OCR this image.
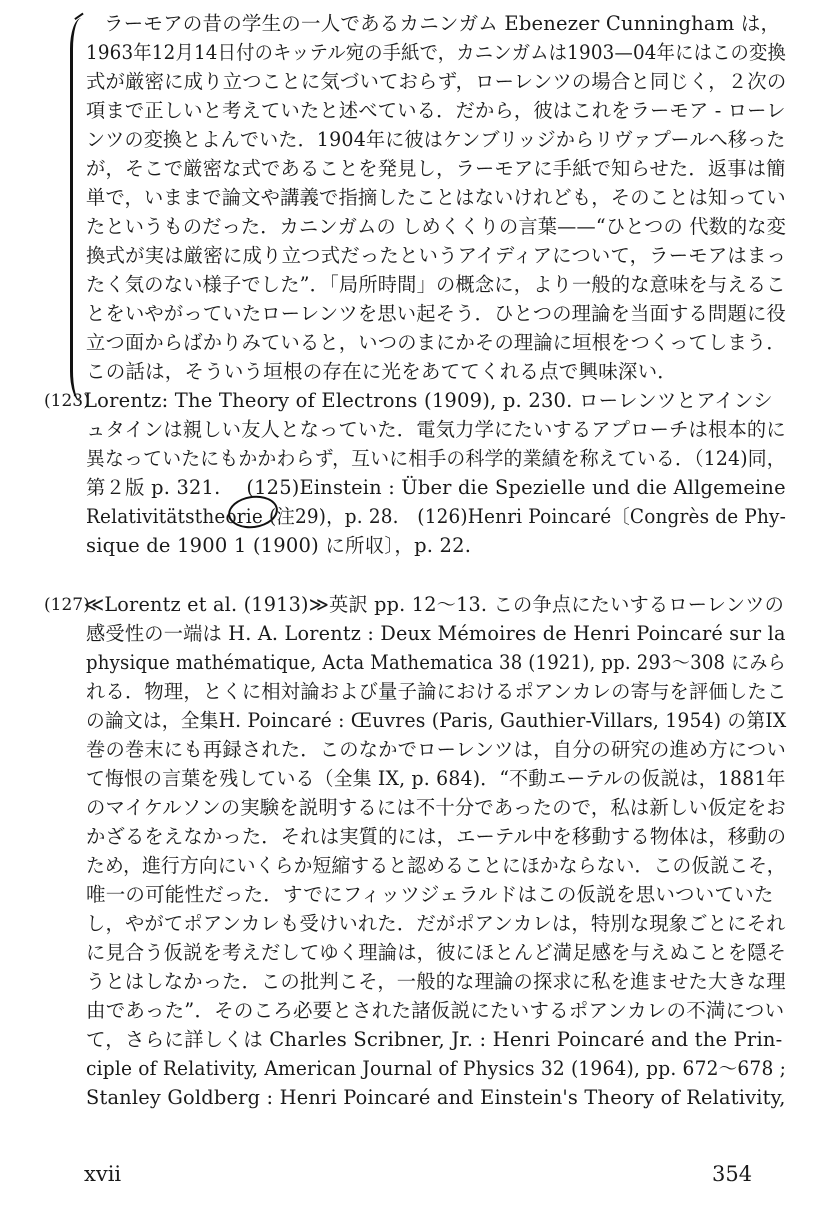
ラーモアの昔の学生の一人であるカニンガム Ebenezer Cunningham は，
1963年12月14日付のキッテル宛の手紙で，カニンガムは1903—04年にはこの変換
式が厳密に成り立つことに気づいておらず，ローレンツの場合と同じく，２次の
項まで正しいと考えていたと述べている．だから，彼はこれをラーモア - ローレ
ンツの変換とよんでいた．1904年に彼はケンブリッジからリヴァプールへ移った
が，そこで厳密な式であることを発見し，ラーモアに手紙で知らせた．返事は簡
単で，いままで論文や講義で指摘したことはないけれども，そのことは知ってい
たというものだった．カニンガムの しめくくりの言葉——“ひとつの 代数的な変
換式が実は厳密に成り立つ式だったというアイディアについて，ラーモアはまっ
たく気のない様子でした”．「局所時間」の概念に，より一般的な意味を与えるこ
とをいやがっていたローレンツを思い起そう．ひとつの理論を当面する問題に役
立つ面からばかりみていると，いつのまにかその理論に垣根をつくってしまう．
この話は，そういう垣根の存在に光をあててくれる点で興味深い．
(123)
Lorentz: The Theory of Electrons (1909), p. 230. ローレンツとアインシ
ュタインは親しい友人となっていた．電気力学にたいするアプローチは根本的に
異なっていたにもかかわらず，互いに相手の科学的業績を称えている．（124)同，
第２版 p. 321.　 (125)Einstein : Über die Spezielle und die Allgemeine
Relativitätstheorie (注29)，p. 28.　(126)Henri Poincaré〔Congrès de Phy-
sique de 1900 1 (1900) に所収〕，p. 22.
(127)
≪Lorentz et al. (1913)≫英訳 pp. 12〜13. この争点にたいするローレンツの
感受性の一端は H. A. Lorentz : Deux Mémoires de Henri Poincaré sur la
physique mathématique, Acta Mathematica 38 (1921), pp. 293〜308 にみら
れる．物理，とくに相対論および量子論におけるポアンカレの寄与を評価したこ
の論文は，全集H. Poincaré : Œuvres (Paris, Gauthier-Villars, 1954) の第IX
巻の巻末にも再録された．このなかでローレンツは，自分の研究の進め方につい
て悔恨の言葉を残している（全集 IX, p. 684)．“不動エーテルの仮説は，1881年
のマイケルソンの実験を説明するには不十分であったので，私は新しい仮定をお
かざるをえなかった．それは実質的には，エーテル中を移動する物体は，移動の
ため，進行方向にいくらか短縮すると認めることにほかならない．この仮説こそ，
唯一の可能性だった．すでにフィッツジェラルドはこの仮説を思いついていた
し，やがてポアンカレも受けいれた．だがポアンカレは，特別な現象ごとにそれ
に見合う仮説を考えだしてゆく理論は，彼にほとんど満足感を与えぬことを隠そ
うとはしなかった．この批判こそ，一般的な理論の探求に私を進ませた大きな理
由であった”．そのころ必要とされた諸仮説にたいするポアンカレの不満につい
て，さらに詳しくは Charles Scribner, Jr. : Henri Poincaré and the Prin-
ciple of Relativity, American Journal of Physics 32 (1964), pp. 672〜678 ;
Stanley Goldberg : Henri Poincaré and Einstein's Theory of Relativity,
xvii	354
